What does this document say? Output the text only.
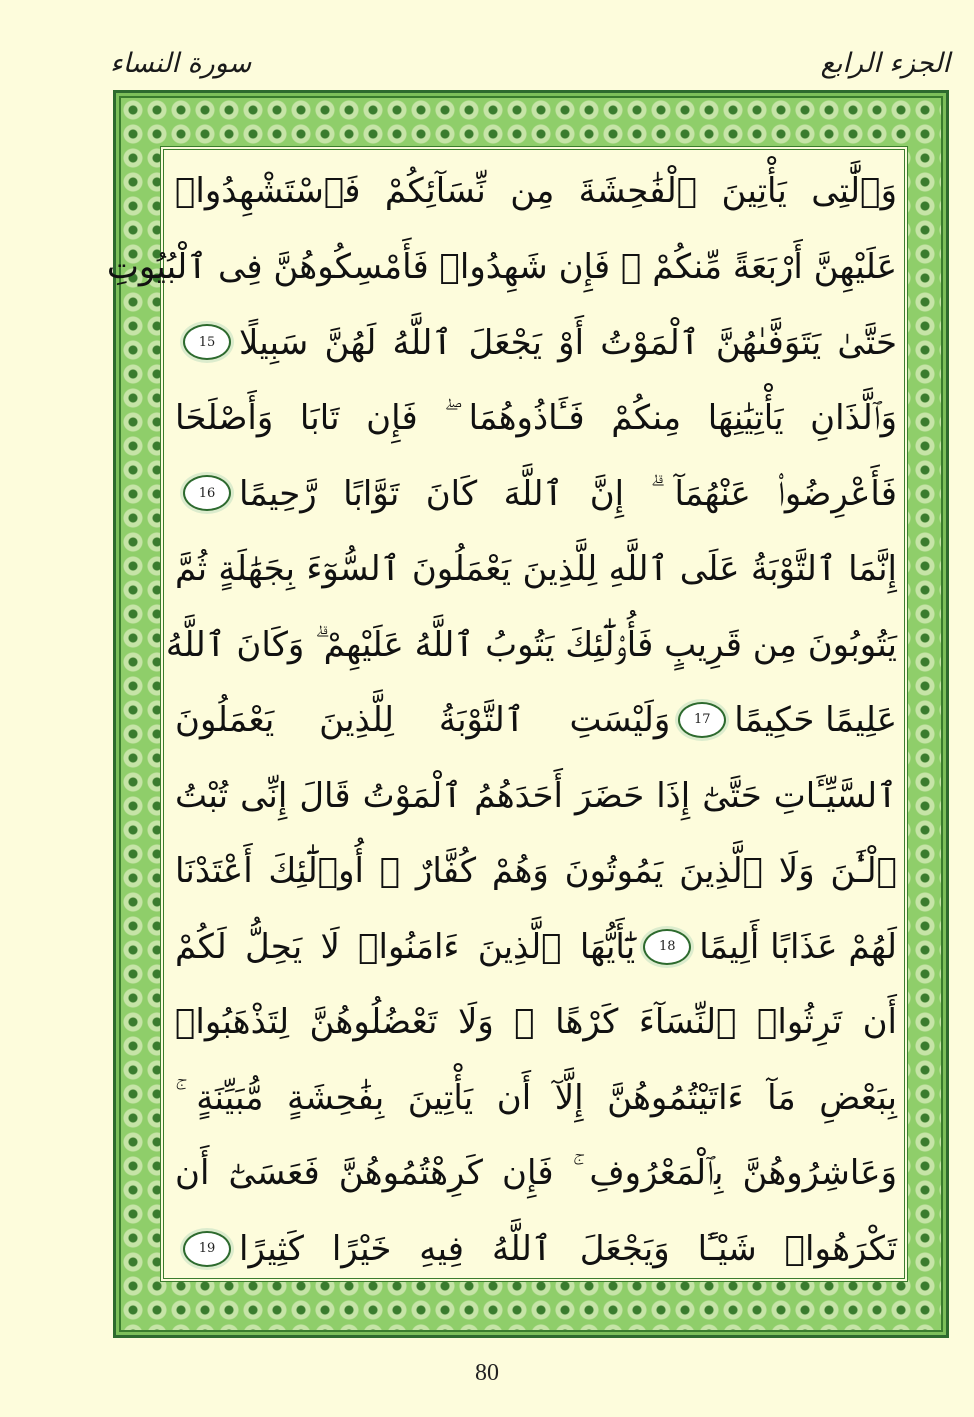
الجزء الرابع
سورة النساء
وَٱلَّٰتِى يَأْتِينَ ٱلْفَٰحِشَةَ مِن نِّسَآئِكُمْ فَٱسْتَشْهِدُوا۟
عَلَيْهِنَّ أَرْبَعَةً مِّنكُمْ ۖ فَإِن شَهِدُوا۟ فَأَمْسِكُوهُنَّ فِى ٱلْبُيُوتِ
حَتَّىٰ يَتَوَفَّىٰهُنَّ ٱلْمَوْتُ أَوْ يَجْعَلَ ٱللَّهُ لَهُنَّ سَبِيلًا
15
وَٱلَّذَانِ يَأْتِيَٰنِهَا مِنكُمْ فَـَٔاذُوهُمَا ۖ فَإِن تَابَا وَأَصْلَحَا
فَأَعْرِضُوا۟ عَنْهُمَآ ۗ إِنَّ ٱللَّهَ كَانَ تَوَّابًا رَّحِيمًا
16
إِنَّمَا ٱلتَّوْبَةُ عَلَى ٱللَّهِ لِلَّذِينَ يَعْمَلُونَ ٱلسُّوٓءَ بِجَهَٰلَةٍ ثُمَّ
يَتُوبُونَ مِن قَرِيبٍ فَأُو۟لَٰٓئِكَ يَتُوبُ ٱللَّهُ عَلَيْهِمْ ۗ وَكَانَ ٱللَّهُ
عَلِيمًا حَكِيمًا
17
وَلَيْسَتِ ٱلتَّوْبَةُ لِلَّذِينَ يَعْمَلُونَ
ٱلسَّيِّـَٔاتِ حَتَّىٰٓ إِذَا حَضَرَ أَحَدَهُمُ ٱلْمَوْتُ قَالَ إِنِّى تُبْتُ
ٱلْـَٰٔنَ وَلَا ٱلَّذِينَ يَمُوتُونَ وَهُمْ كُفَّارٌ ۚ أُو۟لَٰٓئِكَ أَعْتَدْنَا
لَهُمْ عَذَابًا أَلِيمًا
18
يَٰٓأَيُّهَا ٱلَّذِينَ ءَامَنُوا۟ لَا يَحِلُّ لَكُمْ
أَن تَرِثُوا۟ ٱلنِّسَآءَ كَرْهًا ۖ وَلَا تَعْضُلُوهُنَّ لِتَذْهَبُوا۟
بِبَعْضِ مَآ ءَاتَيْتُمُوهُنَّ إِلَّآ أَن يَأْتِينَ بِفَٰحِشَةٍ مُّبَيِّنَةٍ ۚ
وَعَاشِرُوهُنَّ بِٱلْمَعْرُوفِ ۚ فَإِن كَرِهْتُمُوهُنَّ فَعَسَىٰٓ أَن
تَكْرَهُوا۟ شَيْـًٔا وَيَجْعَلَ ٱللَّهُ فِيهِ خَيْرًا كَثِيرًا
19
80
